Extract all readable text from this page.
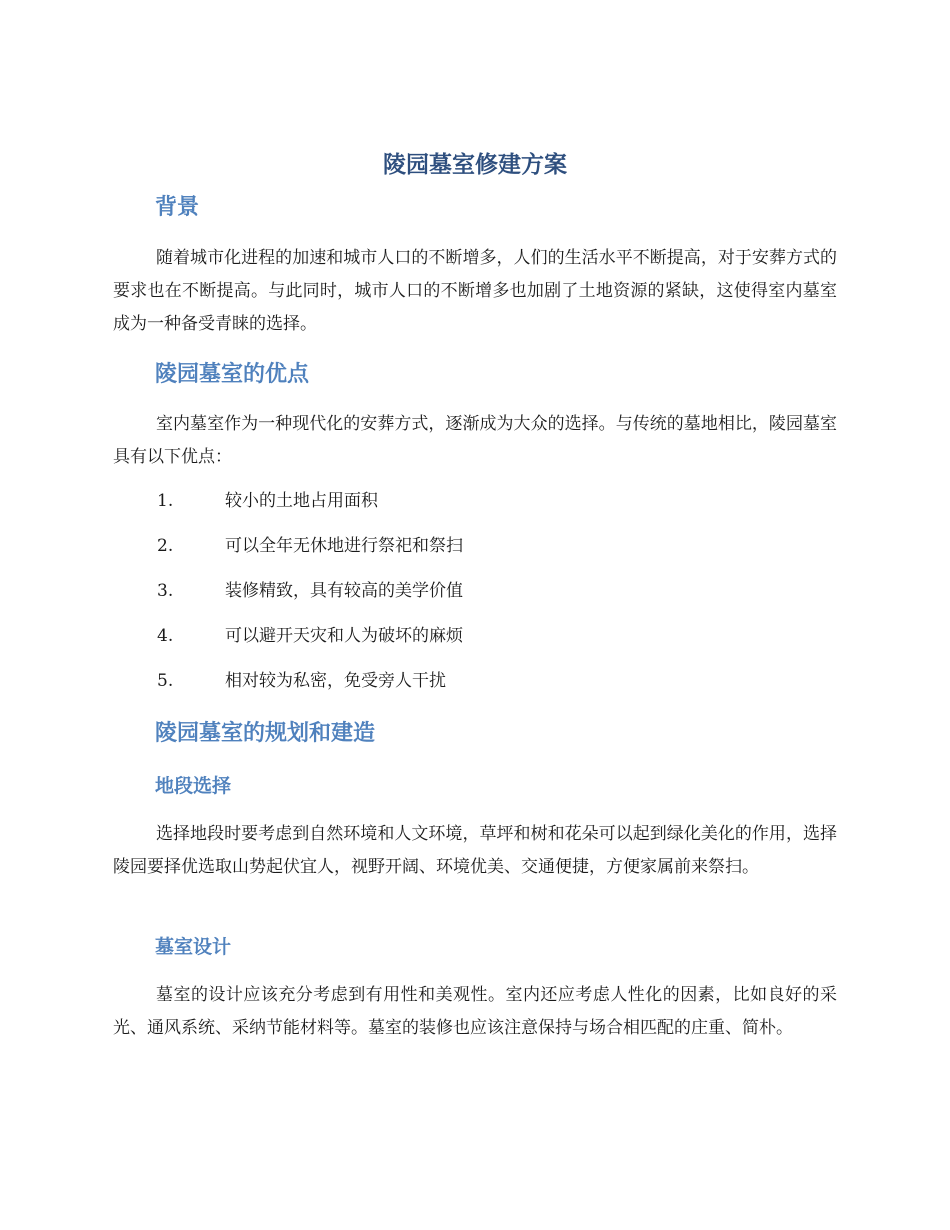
陵园墓室修建方案
背景

随着城市化进程的加速和城市人口的不断增多，人们的生活水平不断提高，对于安葬方式的要求也在不断提高。与此同时，城市人口的不断增多也加剧了土地资源的紧缺，这使得室内墓室成为一种备受青睐的选择。

陵园墓室的优点

室内墓室作为一种现代化的安葬方式，逐渐成为大众的选择。与传统的墓地相比，陵园墓室具有以下优点：

1.	较小的土地占用面积
2.	可以全年无休地进行祭祀和祭扫
3.	装修精致，具有较高的美学价值
4.	可以避开天灾和人为破坏的麻烦
5.	相对较为私密，免受旁人干扰
陵园墓室的规划和建造
地段选择

选择地段时要考虑到自然环境和人文环境，草坪和树和花朵可以起到绿化美化的作用，选择陵园要择优选取山势起伏宜人，视野开阔、环境优美、交通便捷，方便家属前来祭扫。

墓室设计

墓室的设计应该充分考虑到有用性和美观性。室内还应考虑人性化的因素，比如良好的采光、通风系统、采纳节能材料等。墓室的装修也应该注意保持与场合相匹配的庄重、简朴。
